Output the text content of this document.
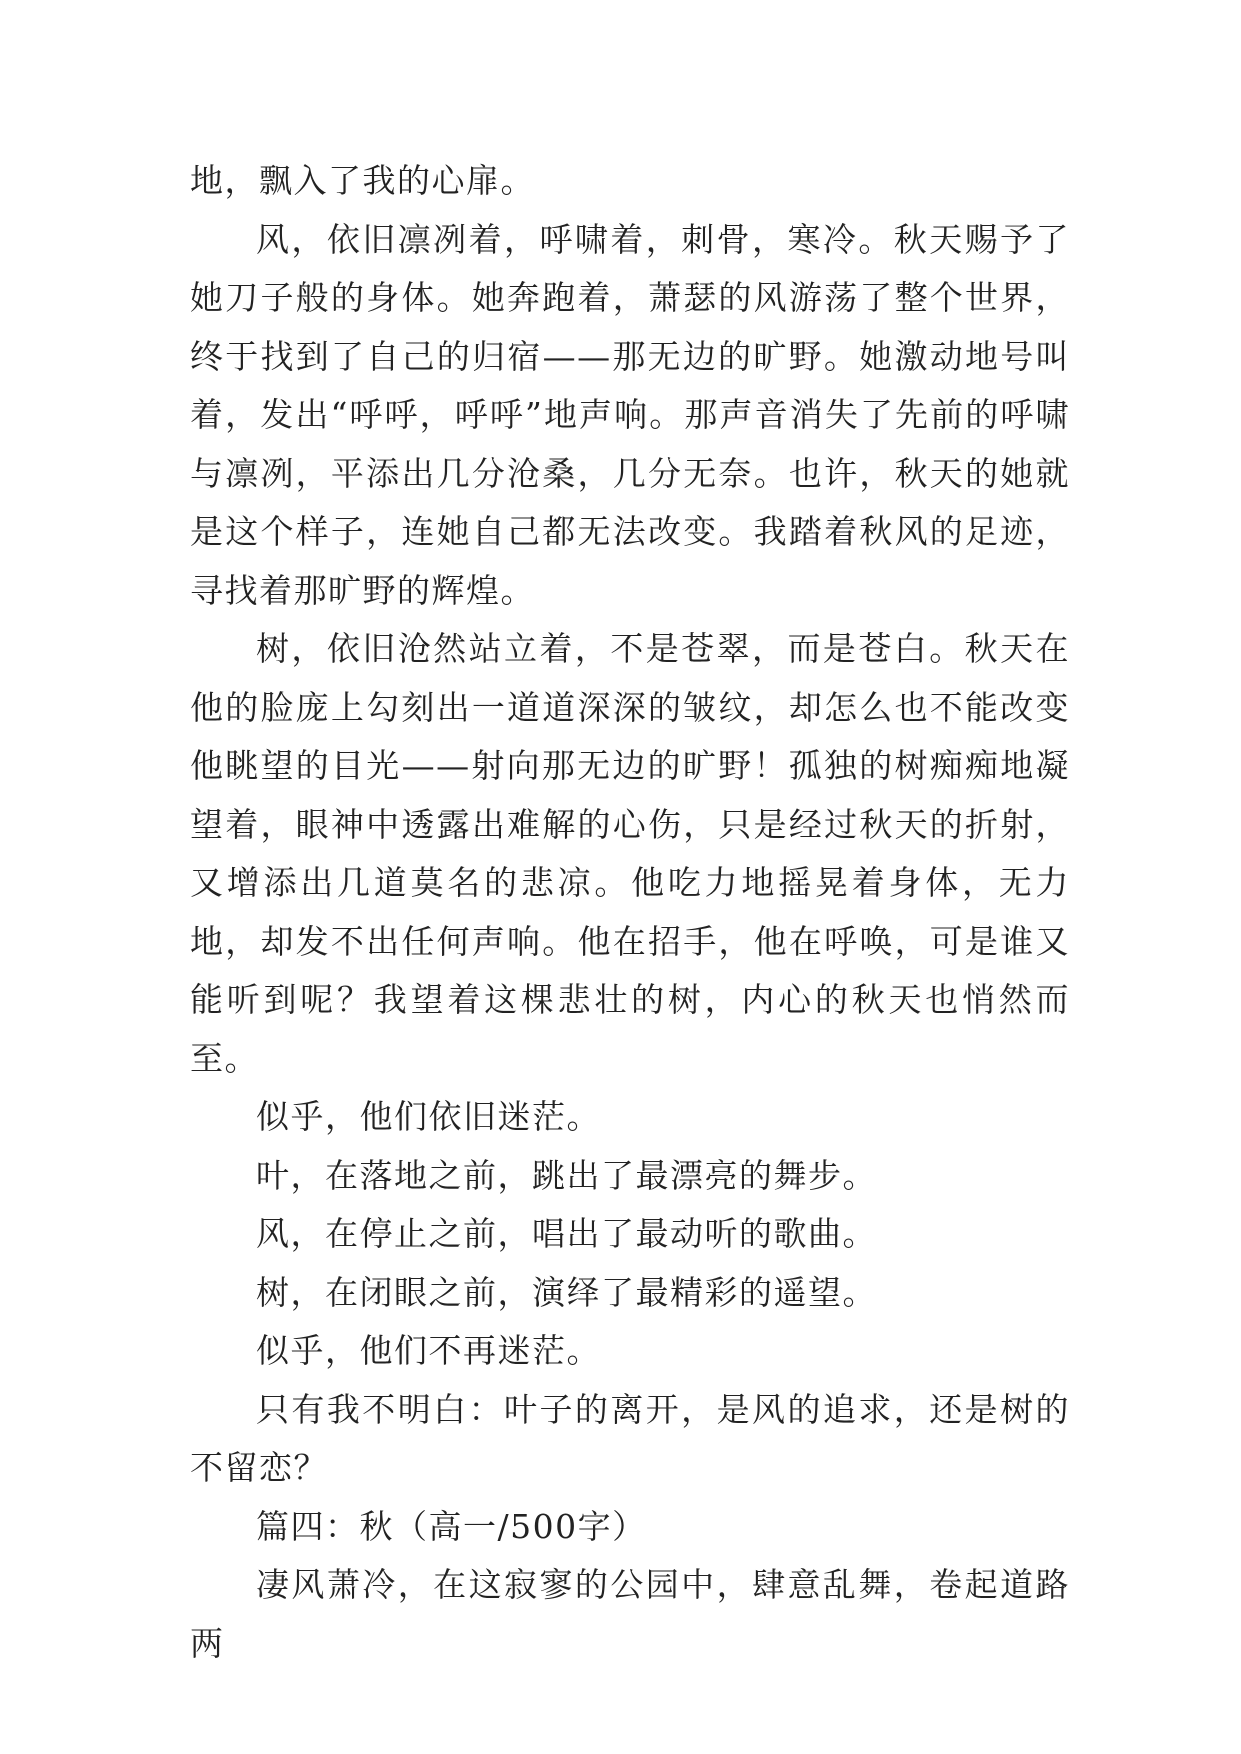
地，飘入了我的心扉。

风，依旧凛冽着，呼啸着，刺骨，寒冷。秋天赐予了她刀子般的身体。她奔跑着，萧瑟的风游荡了整个世界，终于找到了自己的归宿——那无边的旷野。她激动地号叫着，发出“呼呼，呼呼”地声响。那声音消失了先前的呼啸与凛冽，平添出几分沧桑，几分无奈。也许，秋天的她就是这个样子，连她自己都无法改变。我踏着秋风的足迹，寻找着那旷野的辉煌。

树，依旧沧然站立着，不是苍翠，而是苍白。秋天在他的脸庞上勾刻出一道道深深的皱纹，却怎么也不能改变他眺望的目光——射向那无边的旷野！孤独的树痴痴地凝望着，眼神中透露出难解的心伤，只是经过秋天的折射，又增添出几道莫名的悲凉。他吃力地摇晃着身体，无力地，却发不出任何声响。他在招手，他在呼唤，可是谁又能听到呢？我望着这棵悲壮的树，内心的秋天也悄然而至。

似乎，他们依旧迷茫。

叶，在落地之前，跳出了最漂亮的舞步。

风，在停止之前，唱出了最动听的歌曲。

树，在闭眼之前，演绎了最精彩的遥望。

似乎，他们不再迷茫。

只有我不明白：叶子的离开，是风的追求，还是树的不留恋？

篇四：秋（高一/500字）

凄风萧冷，在这寂寥的公园中，肆意乱舞，卷起道路两
